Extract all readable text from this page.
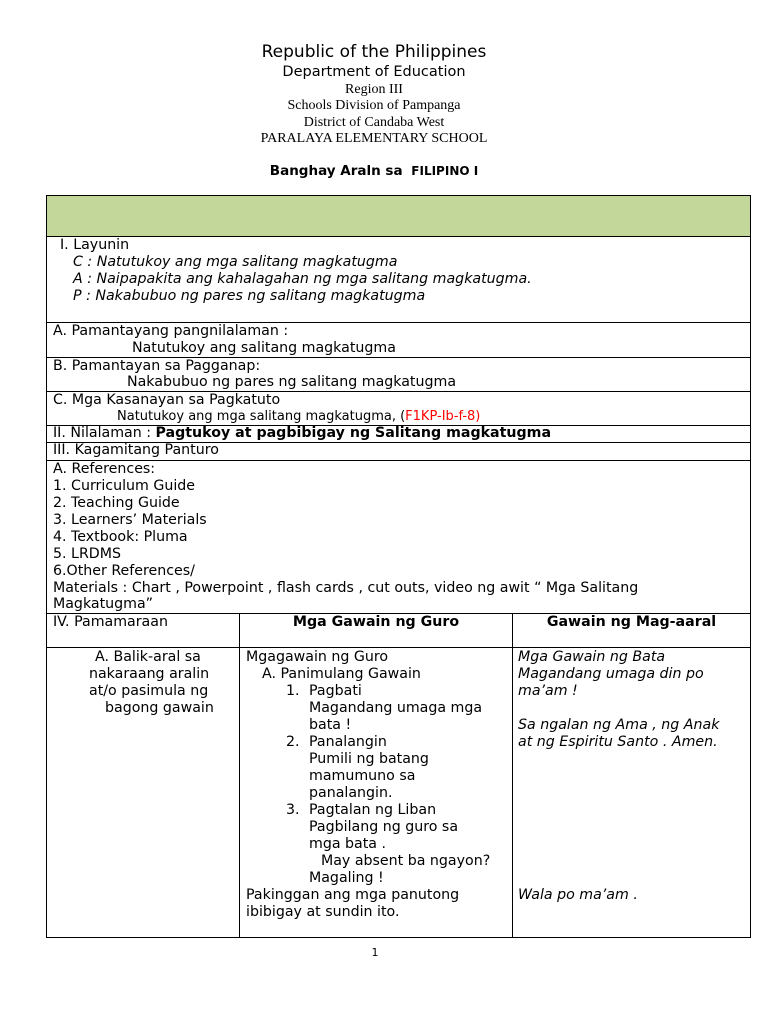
Republic of the Philippines
Department of Education
Region III
Schools Division of Pampanga
District of Candaba West
PARALAYA ELEMENTARY SCHOOL
Banghay Araln sa FILIPINO I
I. Layunin
C : Natutukoy ang mga salitang magkatugma
A : Naipapakita ang kahalagahan ng mga salitang magkatugma.
P : Nakabubuo ng pares ng salitang magkatugma
A. Pamantayang pangnilalaman :
Natutukoy ang salitang magkatugma
B. Pamantayan sa Pagganap:
Nakabubuo ng pares ng salitang magkatugma
C. Mga Kasanayan sa Pagkatuto
Natutukoy ang mga salitang magkatugma, (F1KP-Ib-f-8)
II. Nilalaman : Pagtukoy at pagbibigay ng Salitang magkatugma
III. Kagamitang Panturo
A. References:
1. Curriculum Guide
2. Teaching Guide
3. Learners’ Materials
4. Textbook: Pluma
5. LRDMS
6.Other References/
Materials : Chart , Powerpoint , flash cards , cut outs, video ng awit “ Mga Salitang
Magkatugma”
IV. Pamamaraan	Mga Gawain ng Guro	Gawain ng Mag-aaral
A. Balik-aral sa
nakaraang aralin
at/o pasimula ng
bagong gawain
Mgagawain ng Guro
A. Panimulang Gawain
1. Pagbati
Magandang umaga mga
bata !
2. Panalangin
Pumili ng batang
mamumuno sa
panalangin.
3. Pagtalan ng Liban
Pagbilang ng guro sa
mga bata .
May absent ba ngayon?
Magaling !
Pakinggan ang mga panutong
ibibigay at sundin ito.
Mga Gawain ng Bata
Magandang umaga din po
ma’am !
Sa ngalan ng Ama , ng Anak
at ng Espiritu Santo . Amen.
Wala po ma’am .
1
